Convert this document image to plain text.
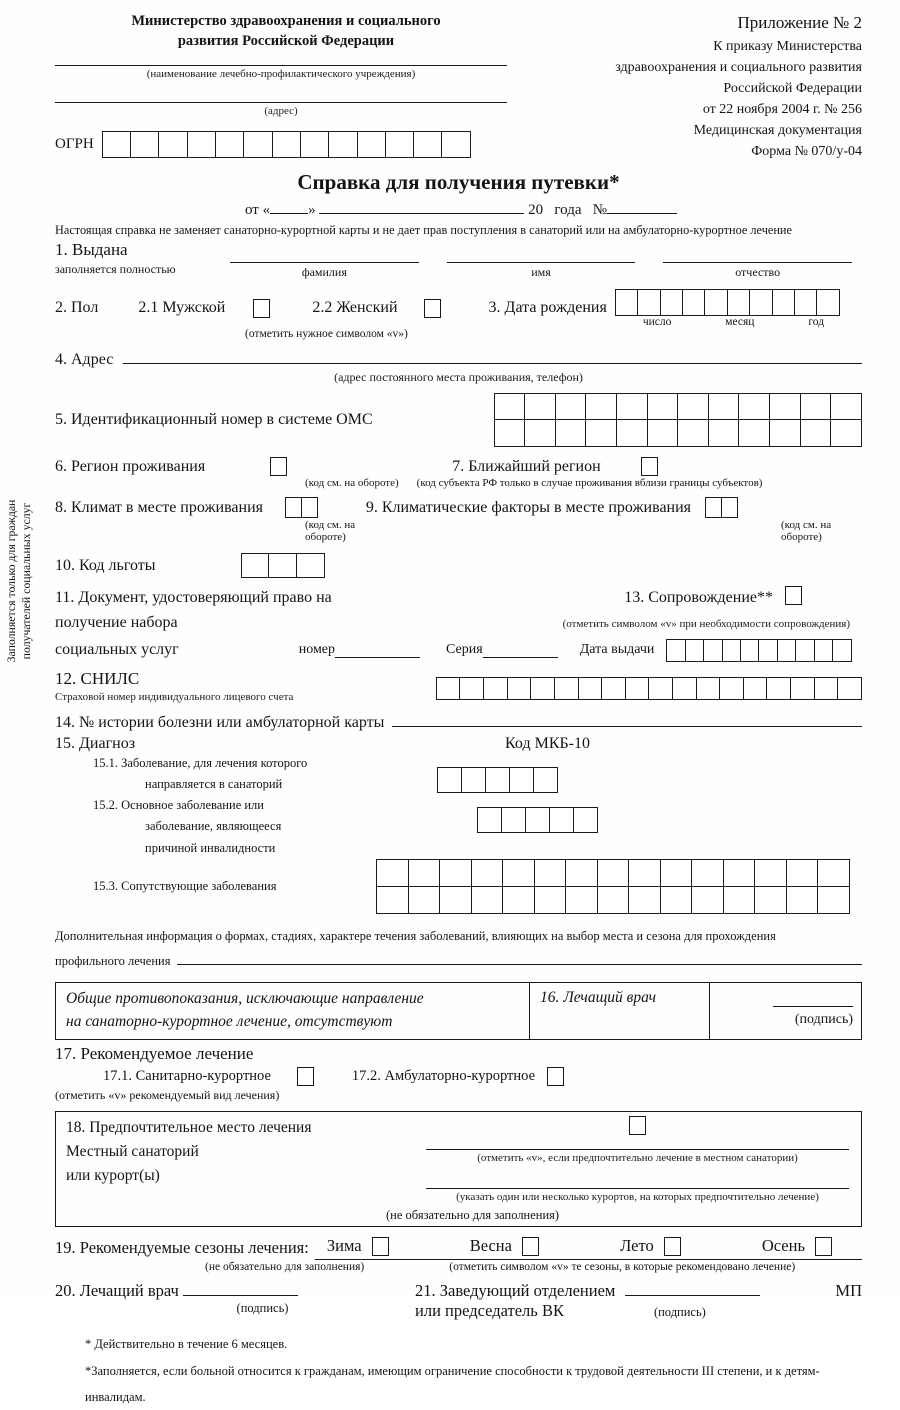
Заполняется только для граждан
получателей социальных услуг
Министерство здравоохранения и социального
развития Российской Федерации
(наименование лечебно-профилактического учреждения)
(адрес)
ОГРН
Приложение № 2
К приказу Министерства
здравоохранения и социального развития
Российской Федерации
от 22 ноября 2004 г. № 256
Медицинская документация
Форма № 070/у-04
Справка для получения путевки*
от «	»	20 года №
Настоящая справка не заменяет санаторно-курортной карты и не дает прав поступления в санаторий или на амбулаторно-курортное лечение
1. Выдана
заполняется полностью	фамилия	имя	отчество
2. Пол	2.1 Мужской	2.2 Женский	3. Дата рождения
число	месяц	год
(отметить нужное символом «v»)
4. Адрес
(адрес постоянного места проживания, телефон)
5. Идентификационный номер в системе ОМС
6. Регион проживания	7. Ближайший регион
(код см. на обороте) (код субъекта РФ только в случае проживания вблизи границы субъектов)
8. Климат в месте проживания	9. Климатические факторы в месте проживания
(код см. на обороте)
(код см. на обороте)
10. Код льготы
11. Документ, удостоверяющий право на	13. Сопровождение**
получение набора	(отметить символом «v» при необходимости сопровождения)
социальных услуг	номер	Серия	Дата выдачи
12. СНИЛС
Страховой номер индивидуального лицевого счета
14. № истории болезни или амбулаторной карты
15. Диагноз	Код МКБ-10
15.1. Заболевание, для лечения которого
направляется в санаторий
15.2. Основное заболевание или
заболевание, являющееся
причиной инвалидности
15.3. Сопутствующие заболевания
Дополнительная информация о формах, стадиях, характере течения заболеваний, влияющих на выбор места и сезона для прохождения
профильного лечения
Общие противопоказания, исключающие направление
на санаторно-курортное лечение, отсутствуют
16. Лечащий врач
(подпись)
17. Рекомендуемое лечение
17.1. Санитарно-курортное	17.2. Амбулаторно-курортное
(отметить «v» рекомендуемый вид лечения)
18. Предпочтительное место лечения
Местный санаторий
или курорт(ы)
(отметить «v», если предпочтительно лечение в местном санатории)
(указать один или несколько курортов, на которых предпочтительно лечение)
(не обязательно для заполнения)
19. Рекомендуемые сезоны лечения: Зима	Весна	Лето	Осень
(не обязательно для заполнения)	(отметить символом «v» те сезоны, в которые рекомендовано лечение)
20. Лечащий врач
(подпись)
21. Заведующий отделением	МП
или председатель ВК	(подпись)
* Действительно в течение 6 месяцев.
*Заполняется, если больной относится к гражданам, имеющим ограничение способности к трудовой деятельности III степени, и к детям-
инвалидам.
